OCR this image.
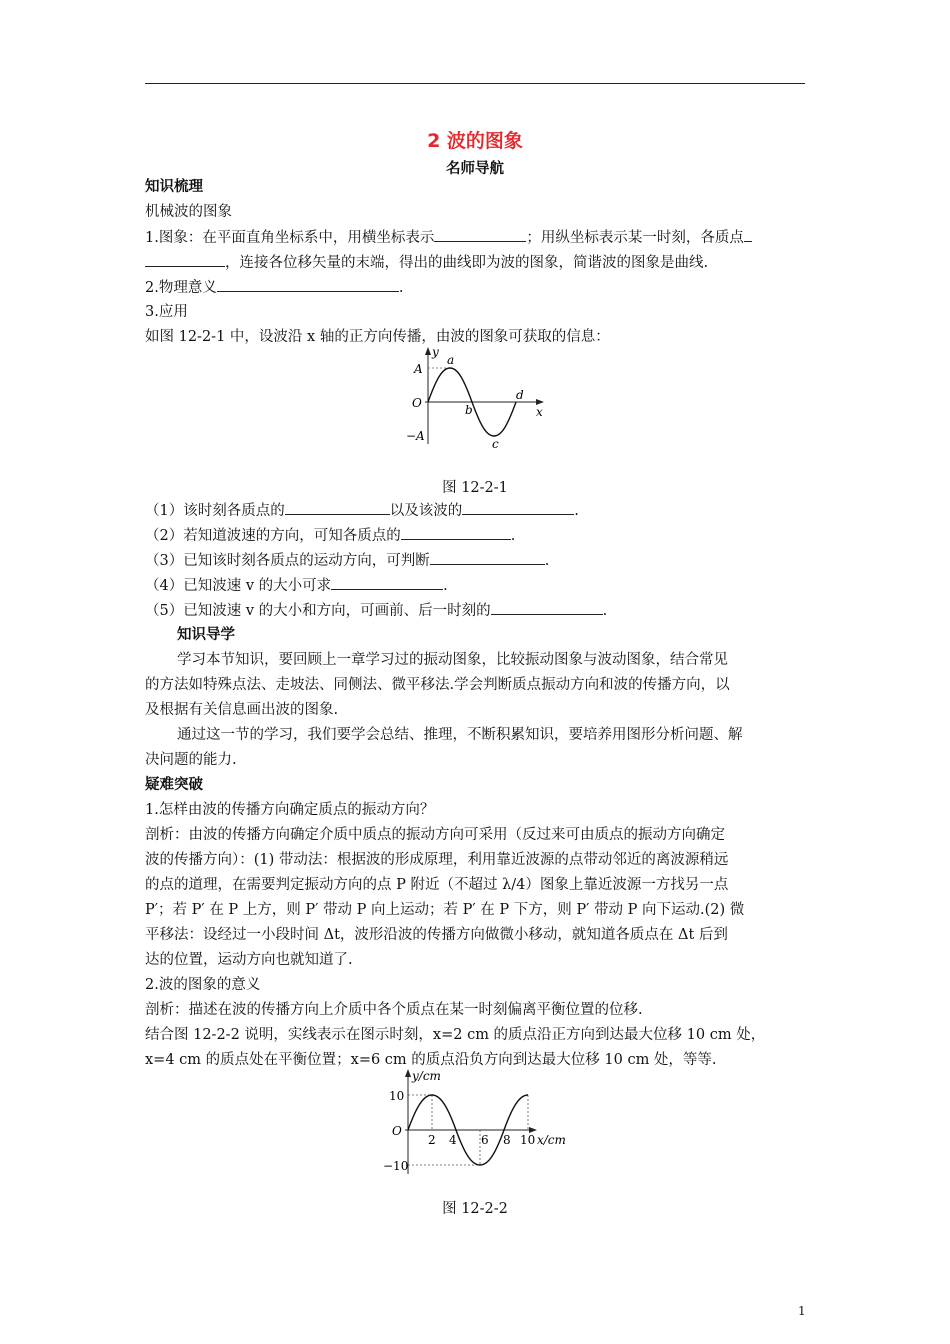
2 波的图象
名师导航
知识梳理
机械波的图象
1.图象：在平面直角坐标系中，用横坐标表示	；用纵坐标表示某一时刻，各质点
，连接各位移矢量的末端，得出的曲线即为波的图象，简谐波的图象是曲线.
2.物理意义	.
3.应用
如图 12-2-1 中，设波沿 x 轴的正方向传播，由波的图象可获取的信息：
y
x
A
O
−A
a
b
c
d
图 12-2-1
（1）该时刻各质点的	以及该波的	.
（2）若知道波速的方向，可知各质点的	.
（3）已知该时刻各质点的运动方向，可判断	.
（4）已知波速 v 的大小可求	.
（5）已知波速 v 的大小和方向，可画前、后一时刻的	.
知识导学
学习本节知识，要回顾上一章学习过的振动图象，比较振动图象与波动图象，结合常见
的方法如特殊点法、走坡法、同侧法、微平移法.学会判断质点振动方向和波的传播方向，以
及根据有关信息画出波的图象.
通过这一节的学习，我们要学会总结、推理，不断积累知识，要培养用图形分析问题、解
决问题的能力.
疑难突破
1.怎样由波的传播方向确定质点的振动方向？
剖析：由波的传播方向确定介质中质点的振动方向可采用（反过来可由质点的振动方向确定
波的传播方向）：(1) 带动法：根据波的形成原理，利用靠近波源的点带动邻近的离波源稍远
的点的道理，在需要判定振动方向的点 P 附近（不超过 λ/4）图象上靠近波源一方找另一点
P′；若 P′ 在 P 上方，则 P′ 带动 P 向上运动；若 P′ 在 P 下方，则 P′ 带动 P 向下运动.(2) 微
平移法：设经过一小段时间 Δt，波形沿波的传播方向做微小移动，就知道各质点在 Δt 后到
达的位置，运动方向也就知道了.
2.波的图象的意义
剖析：描述在波的传播方向上介质中各个质点在某一时刻偏离平衡位置的位移.
结合图 12-2-2 说明，实线表示在图示时刻，x=2 cm 的质点沿正方向到达最大位移 10 cm 处，
x=4 cm 的质点处在平衡位置；x=6 cm 的质点沿负方向到达最大位移 10 cm 处，等等.
y/cm
x/cm
O
10
−10
2 4 6 8 10
图 12-2-2
1
